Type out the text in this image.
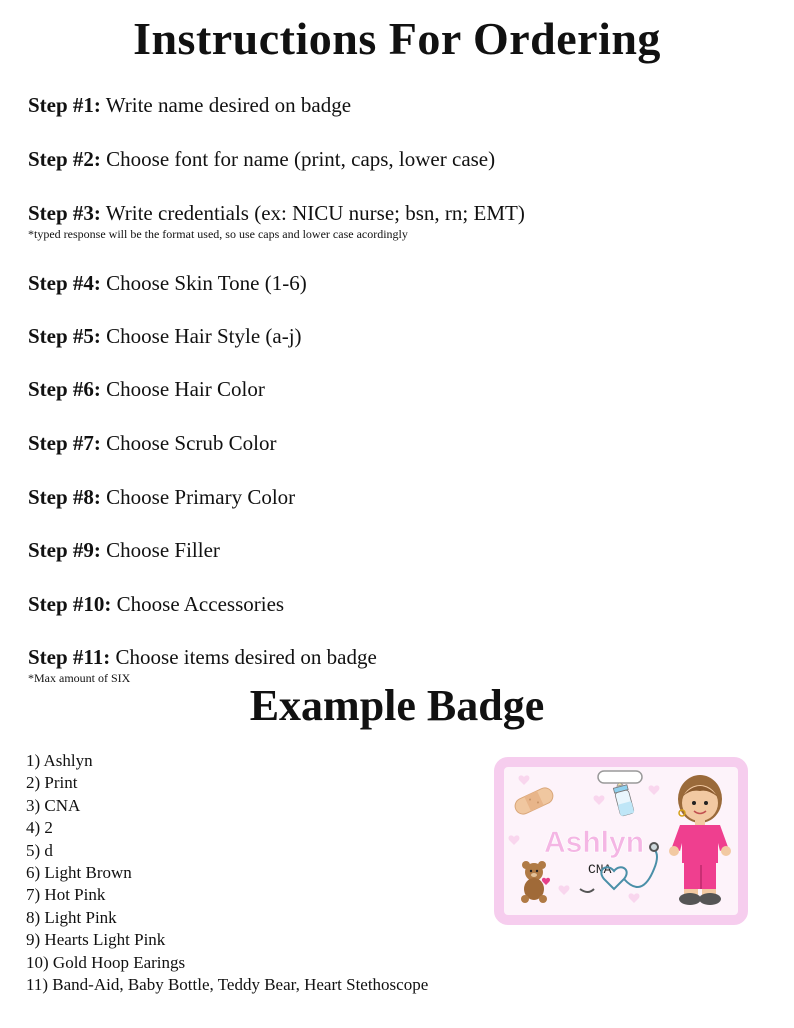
Instructions For Ordering
Step #1: Write name desired on badge
Step #2: Choose font for name (print, caps, lower case)
Step #3: Write credentials (ex: NICU nurse; bsn, rn; EMT)
*typed response will be the format used, so use caps and lower case acordingly
Step #4: Choose Skin Tone (1-6)
Step #5: Choose Hair Style (a-j)
Step #6: Choose Hair Color
Step #7: Choose Scrub Color
Step #8: Choose Primary Color
Step #9: Choose Filler
Step #10: Choose Accessories
Step #11: Choose items desired on badge
*Max amount of SIX
Example Badge
1) Ashlyn
2) Print
3) CNA
4) 2
5) d
6) Light Brown
7) Hot Pink
8) Light Pink
9) Hearts Light Pink
10) Gold Hoop Earings
11) Band-Aid, Baby Bottle, Teddy Bear, Heart Stethoscope
Ashlyn
CNA
